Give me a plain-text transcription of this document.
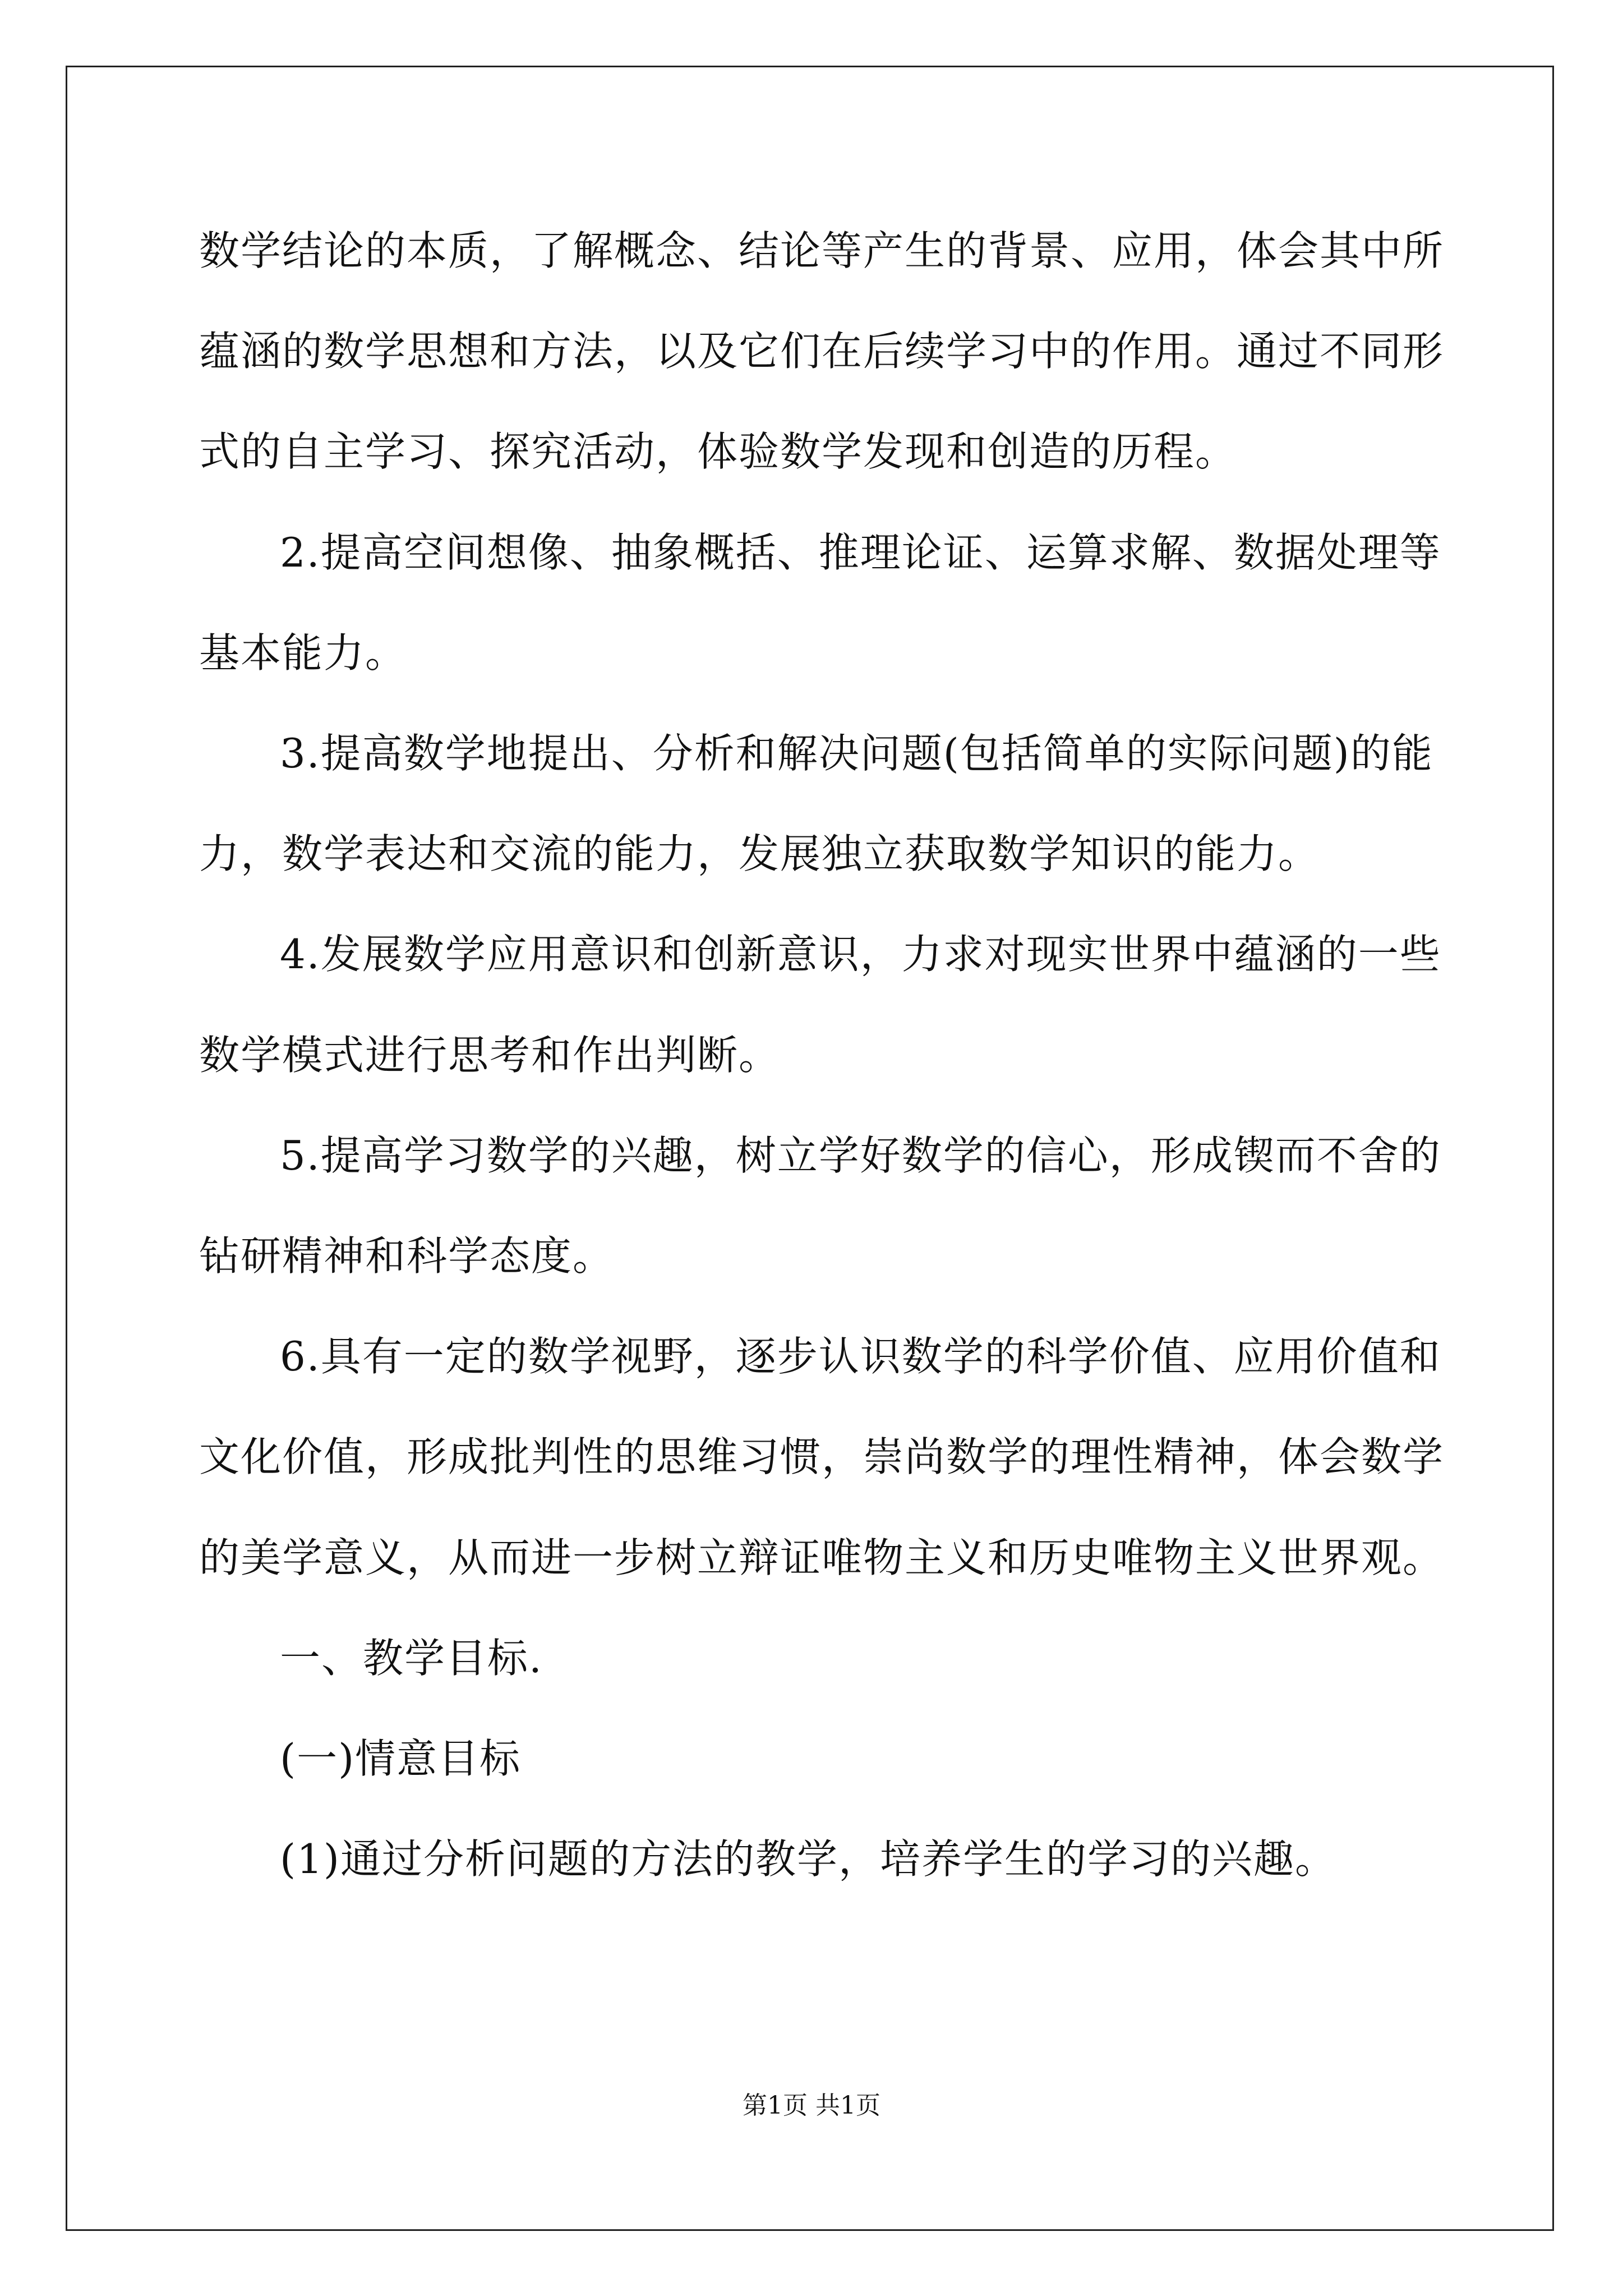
数学结论的本质，了解概念、结论等产生的背景、应用，体会其中所
蕴涵的数学思想和方法，以及它们在后续学习中的作用。通过不同形
式的自主学习、探究活动，体验数学发现和创造的历程。
2.提高空间想像、抽象概括、推理论证、运算求解、数据处理等
基本能力。
3.提高数学地提出、分析和解决问题(包括简单的实际问题)的能
力，数学表达和交流的能力，发展独立获取数学知识的能力。
4.发展数学应用意识和创新意识，力求对现实世界中蕴涵的一些
数学模式进行思考和作出判断。
5.提高学习数学的兴趣，树立学好数学的信心，形成锲而不舍的
钻研精神和科学态度。
6.具有一定的数学视野，逐步认识数学的科学价值、应用价值和
文化价值，形成批判性的思维习惯，崇尚数学的理性精神，体会数学
的美学意义，从而进一步树立辩证唯物主义和历史唯物主义世界观。
一、教学目标.
(一)情意目标
(1)通过分析问题的方法的教学，培养学生的学习的兴趣。
第1页 共1页
